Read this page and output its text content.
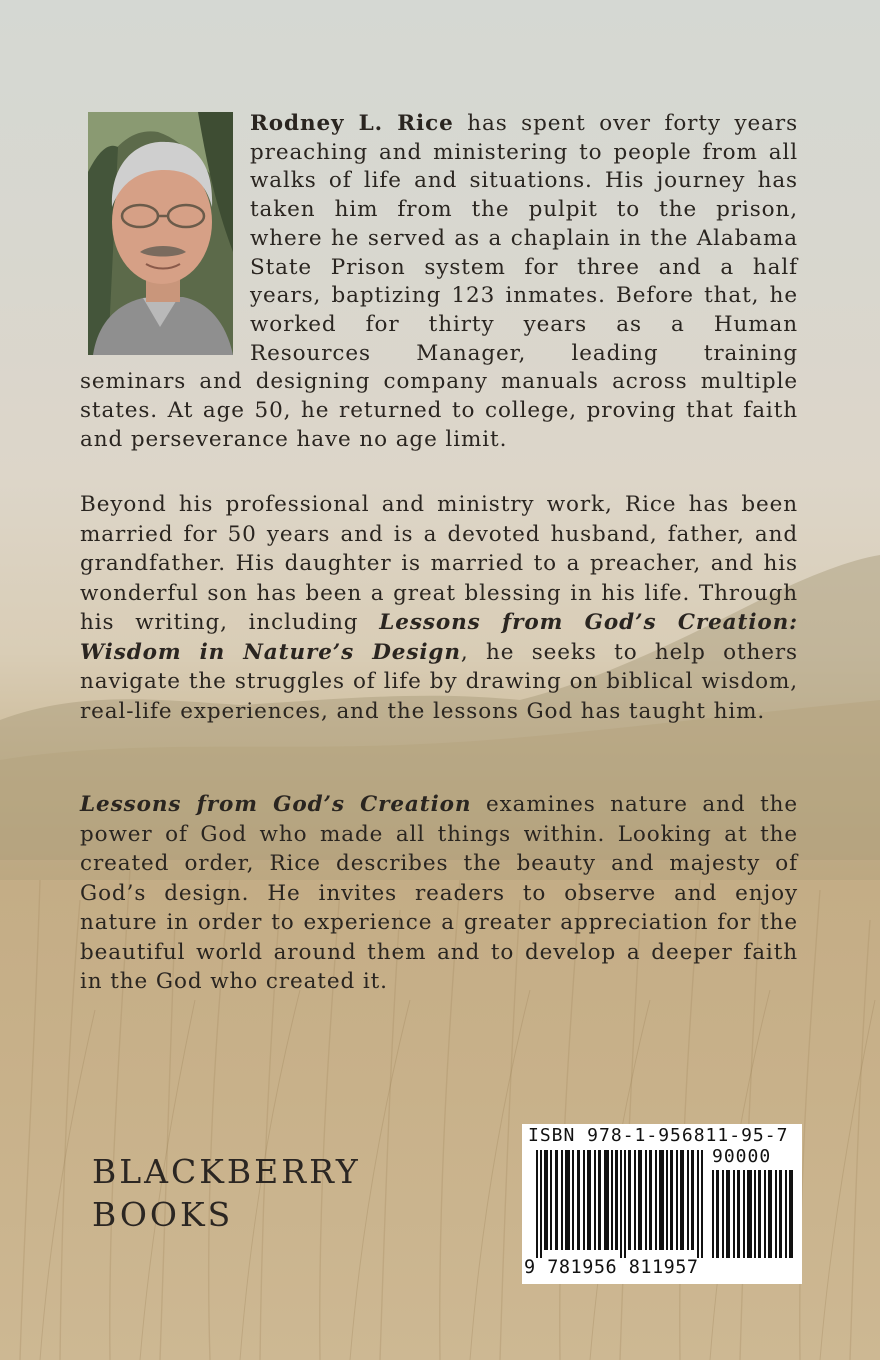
Rodney L. Rice has spent over forty years preaching and ministering to people from all walks of life and situations. His journey has taken him from the pulpit to the prison, where he served as a chaplain in the Alabama State Prison system for three and a half years, baptizing 123 inmates. Before that, he worked for thirty years as a Human Resources Manager, leading training seminars and designing company manuals across multiple states. At age 50, he returned to college, proving that faith and perseverance have no age limit.

Beyond his professional and ministry work, Rice has been married for 50 years and is a devoted husband, father, and grandfather. His daughter is married to a preacher, and his wonderful son has been a great blessing in his life. Through his writing, including Lessons from God’s Creation: Wisdom in Nature’s Design, he seeks to help others navigate the struggles of life by drawing on biblical wisdom, real-life experiences, and the lessons God has taught him.

Lessons from God’s Creation examines nature and the power of God who made all things within. Looking at the created order, Rice describes the beauty and majesty of God’s design. He invites readers to observe and enjoy nature in order to experience a greater appreciation for the beautiful world around them and to develop a deeper faith in the God who created it.

BLACKBERRY
BOOKS
ISBN 978-1-956811-95-7
90000
9 781956 811957
